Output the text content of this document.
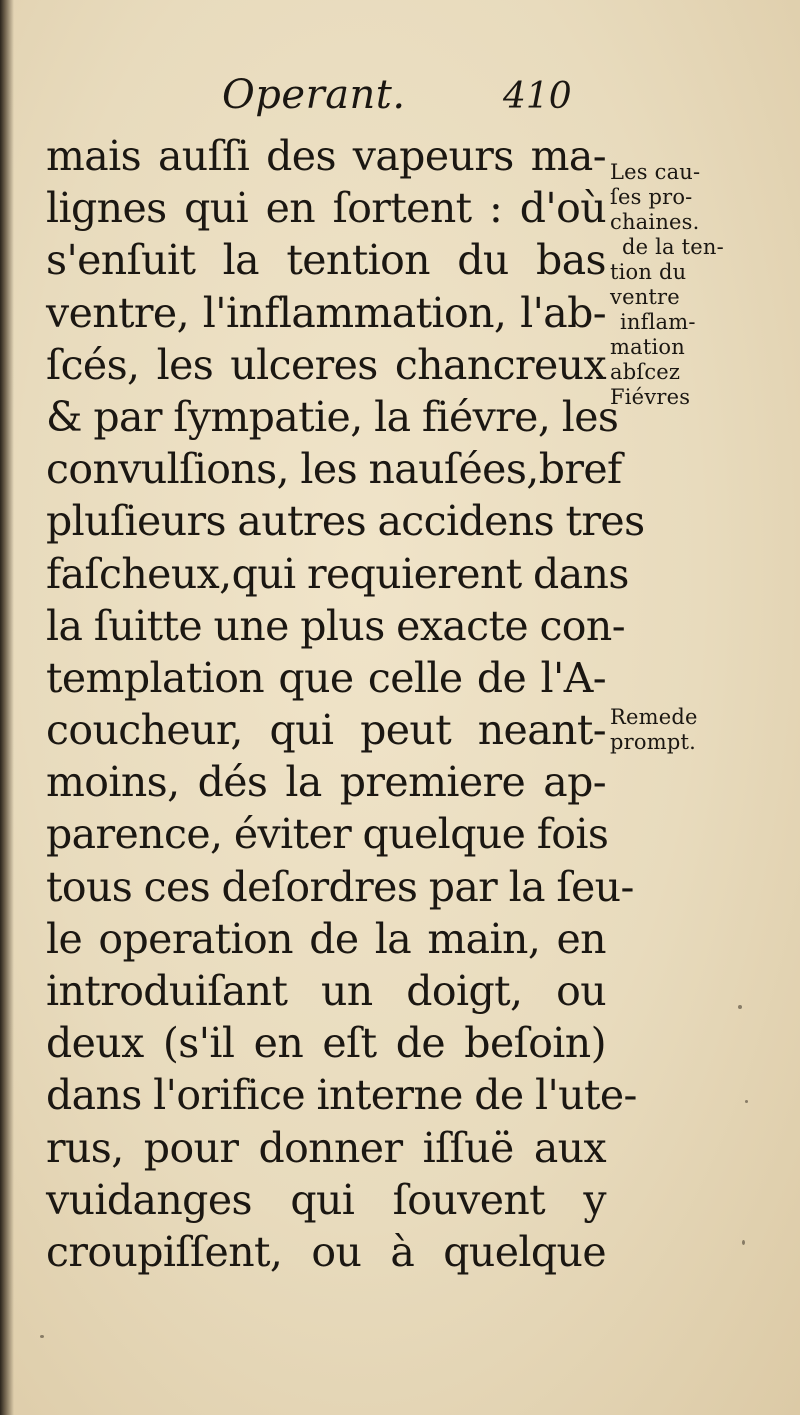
Operant.	410
mais auſſi des vapeurs ma-
lignes qui en ſortent : d'où
s'enſuit la tention du bas
ventre, l'inflammation, l'ab-
ſcés, les ulceres chancreux
& par ſympatie, la fiévre, les
convulſions, les nauſées,bref
pluſieurs autres accidens tres
faſcheux,qui requierent dans
la ſuitte une plus exacte con-
templation que celle de l'A-
coucheur, qui peut neant-
moins, dés la premiere ap-
parence, éviter quelque fois
tous ces deſordres par la ſeu-
le operation de la main, en
introduiſant un doigt, ou
deux (s'il en eſt de beſoin)
dans l'orifice interne de l'ute-
rus, pour donner iſſuë aux
vuidanges qui ſouvent y
croupiſſent, ou à quelque
Les cau-
ſes pro-
chaines.
de la ten-
tion du
ventre
inflam-
mation
abſcez
Fiévres
Remede
prompt.
